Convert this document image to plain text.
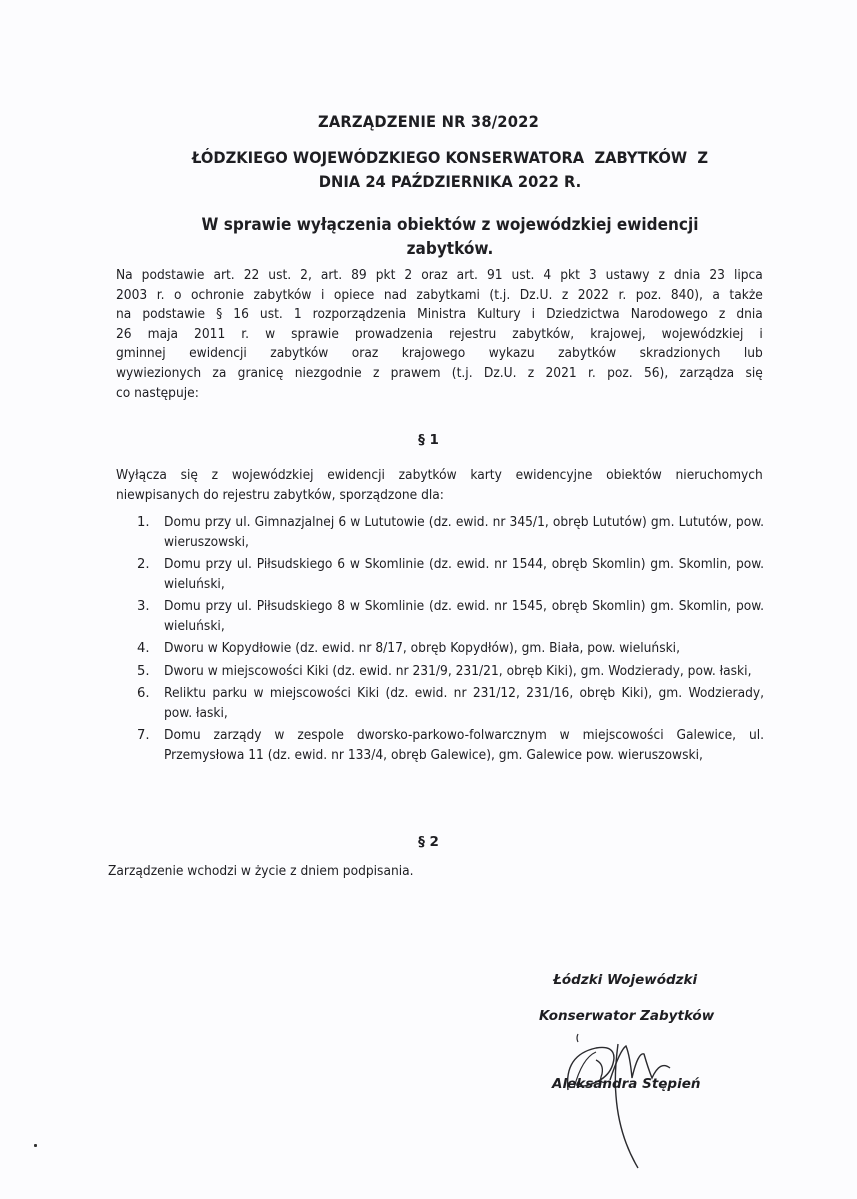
ZARZĄDZENIE NR 38/2022
ŁÓDZKIEGO WOJEWÓDZKIEGO KONSERWATORA  ZABYTKÓW  Z
DNIA 24 PAŹDZIERNIKA 2022 R.
W sprawie wyłączenia obiektów z wojewódzkiej ewidencji
zabytków.
Na podstawie art. 22 ust. 2, art. 89 pkt 2 oraz art. 91 ust. 4 pkt 3 ustawy z dnia 23 lipca
2003 r. o ochronie zabytków i opiece nad zabytkami (t.j. Dz.U. z 2022 r. poz. 840), a także
na podstawie § 16 ust. 1 rozporządzenia Ministra Kultury i Dziedzictwa Narodowego z dnia
26 maja 2011 r. w sprawie prowadzenia rejestru zabytków, krajowej, wojewódzkiej i
gminnej ewidencji zabytków oraz krajowego wykazu zabytków skradzionych lub
wywiezionych za granicę niezgodnie z prawem (t.j. Dz.U. z 2021 r. poz. 56), zarządza się
co następuje:
§ 1
Wyłącza się z wojewódzkiej ewidencji zabytków karty ewidencyjne obiektów nieruchomych
niewpisanych do rejestru zabytków, sporządzone dla:
1. Domu przy ul. Gimnazjalnej 6 w Lututowie (dz. ewid. nr 345/1, obręb Lututów) gm. Lututów, pow. wieruszowski,
2. Domu przy ul. Piłsudskiego 6 w Skomlinie (dz. ewid. nr 1544, obręb Skomlin) gm. Skomlin, pow. wieluński,
3. Domu przy ul. Piłsudskiego 8 w Skomlinie (dz. ewid. nr 1545, obręb Skomlin) gm. Skomlin, pow. wieluński,
4. Dworu w Kopydłowie (dz. ewid. nr 8/17, obręb Kopydłów), gm. Biała, pow. wieluński,
5. Dworu w miejscowości Kiki (dz. ewid. nr 231/9, 231/21, obręb Kiki), gm. Wodzierady, pow. łaski,
6. Reliktu parku w miejscowości Kiki (dz. ewid. nr 231/12, 231/16, obręb Kiki), gm. Wodzierady, pow. łaski,
7. Domu zarządy w zespole dworsko-parkowo-folwarcznym w miejscowości Galewice, ul. Przemysłowa 11 (dz. ewid. nr 133/4, obręb Galewice), gm. Galewice pow. wieruszowski,
§ 2
Zarządzenie wchodzi w życie z dniem podpisania.
Łódzki Wojewódzki
Konserwator Zabytków
Aleksandra Stępień
